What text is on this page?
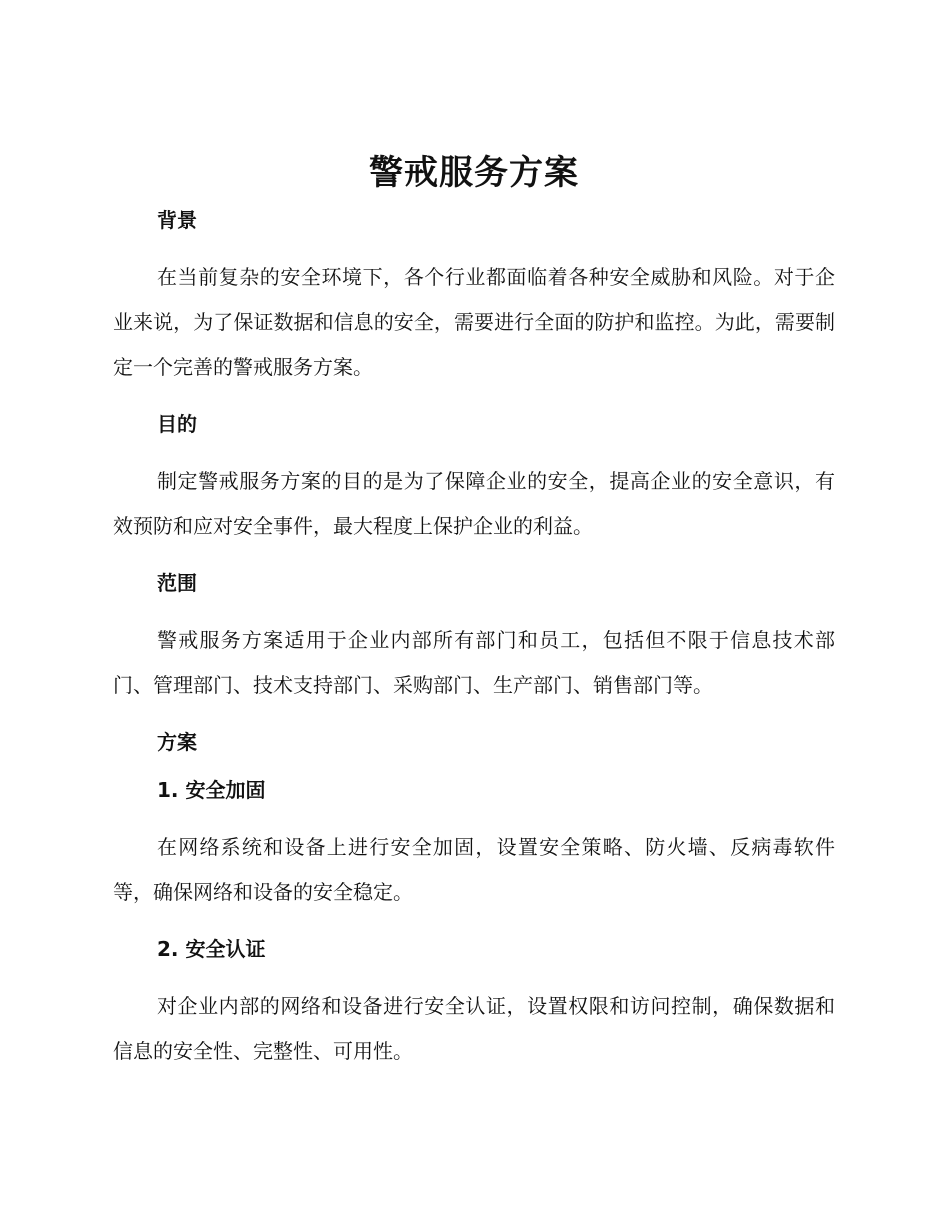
警戒服务方案
背景

在当前复杂的安全环境下，各个行业都面临着各种安全威胁和风险。对于企业来说，为了保证数据和信息的安全，需要进行全面的防护和监控。为此，需要制定一个完善的警戒服务方案。

目的

制定警戒服务方案的目的是为了保障企业的安全，提高企业的安全意识，有效预防和应对安全事件，最大程度上保护企业的利益。

范围

警戒服务方案适用于企业内部所有部门和员工，包括但不限于信息技术部门、管理部门、技术支持部门、采购部门、生产部门、销售部门等。

方案
1. 安全加固

在网络系统和设备上进行安全加固，设置安全策略、防火墙、反病毒软件等，确保网络和设备的安全稳定。

2. 安全认证

对企业内部的网络和设备进行安全认证，设置权限和访问控制，确保数据和信息的安全性、完整性、可用性。
